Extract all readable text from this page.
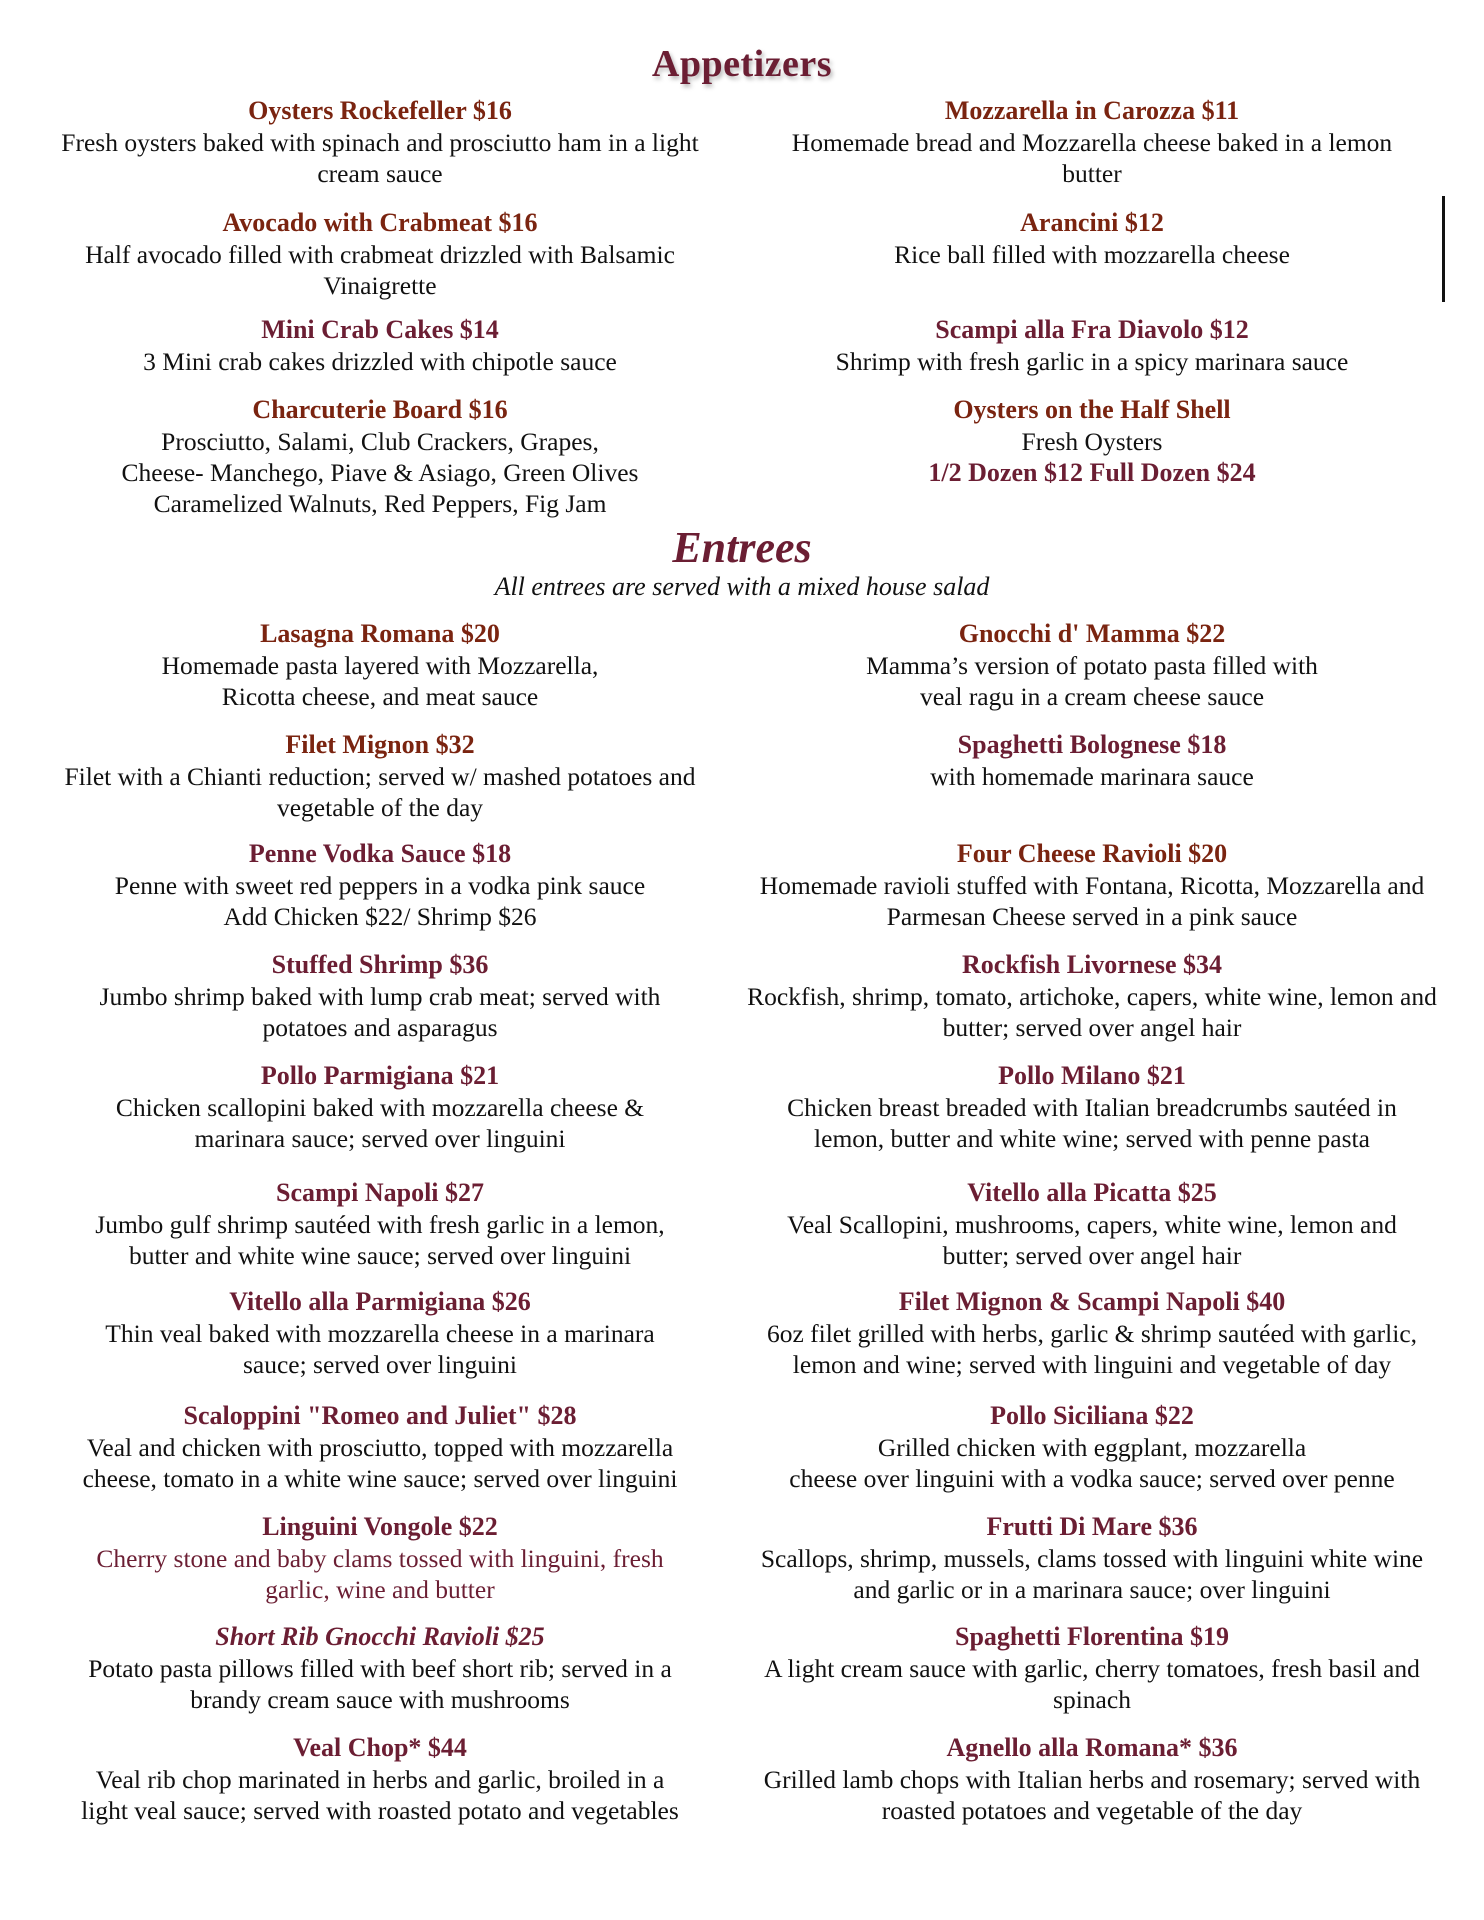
Appetizers
Oysters Rockefeller $16
Fresh oysters baked with spinach and prosciutto ham in a light
cream sauce
Mozzarella in Carozza $11
Homemade bread and Mozzarella cheese baked in a lemon
butter
Avocado with Crabmeat $16
Half avocado filled with crabmeat drizzled with Balsamic
Vinaigrette
Arancini $12
Rice ball filled with mozzarella cheese
Mini Crab Cakes $14
3 Mini crab cakes drizzled with chipotle sauce
Scampi alla Fra Diavolo $12
Shrimp with fresh garlic in a spicy marinara sauce
Charcuterie Board $16
Prosciutto, Salami, Club Crackers, Grapes,
Cheese- Manchego, Piave & Asiago, Green Olives
Caramelized Walnuts, Red Peppers, Fig Jam
Oysters on the Half Shell
Fresh Oysters
1/2 Dozen $12 Full Dozen $24
Entrees
All entrees are served with a mixed house salad
Lasagna Romana $20
Homemade pasta layered with Mozzarella,
Ricotta cheese, and meat sauce
Gnocchi d' Mamma $22
Mamma’s version of potato pasta filled with
veal ragu in a cream cheese sauce
Filet Mignon $32
Filet with a Chianti reduction; served w/ mashed potatoes and
vegetable of the day
Spaghetti Bolognese $18
with homemade marinara sauce
Penne Vodka Sauce $18
Penne with sweet red peppers in a vodka pink sauce
Add Chicken $22/ Shrimp $26
Four Cheese Ravioli $20
Homemade ravioli stuffed with Fontana, Ricotta, Mozzarella and
Parmesan Cheese served in a pink sauce
Stuffed Shrimp $36
Jumbo shrimp baked with lump crab meat; served with
potatoes and asparagus
Rockfish Livornese $34
Rockfish, shrimp, tomato, artichoke, capers, white wine, lemon and
butter; served over angel hair
Pollo Parmigiana $21
Chicken scallopini baked with mozzarella cheese &
marinara sauce; served over linguini
Pollo Milano $21
Chicken breast breaded with Italian breadcrumbs sautéed in
lemon, butter and white wine; served with penne pasta
Scampi Napoli $27
Jumbo gulf shrimp sautéed with fresh garlic in a lemon,
butter and white wine sauce; served over linguini
Vitello alla Picatta $25
Veal Scallopini, mushrooms, capers, white wine, lemon and
butter; served over angel hair
Vitello alla Parmigiana $26
Thin veal baked with mozzarella cheese in a marinara
sauce; served over linguini
Filet Mignon & Scampi Napoli $40
6oz filet grilled with herbs, garlic & shrimp sautéed with garlic,
lemon and wine; served with linguini and vegetable of day
Scaloppini "Romeo and Juliet" $28
Veal and chicken with prosciutto, topped with mozzarella
cheese, tomato in a white wine sauce; served over linguini
Pollo Siciliana $22
Grilled chicken with eggplant, mozzarella
cheese over linguini with a vodka sauce; served over penne
Linguini Vongole $22
Cherry stone and baby clams tossed with linguini, fresh
garlic, wine and butter
Frutti Di Mare $36
Scallops, shrimp, mussels, clams tossed with linguini white wine
and garlic or in a marinara sauce; over linguini
Short Rib Gnocchi Ravioli $25
Potato pasta pillows filled with beef short rib; served in a
brandy cream sauce with mushrooms
Spaghetti Florentina $19
A light cream sauce with garlic, cherry tomatoes, fresh basil and
spinach
Veal Chop* $44
Veal rib chop marinated in herbs and garlic, broiled in a
light veal sauce; served with roasted potato and vegetables
Agnello alla Romana* $36
Grilled lamb chops with Italian herbs and rosemary; served with
roasted potatoes and vegetable of the day
